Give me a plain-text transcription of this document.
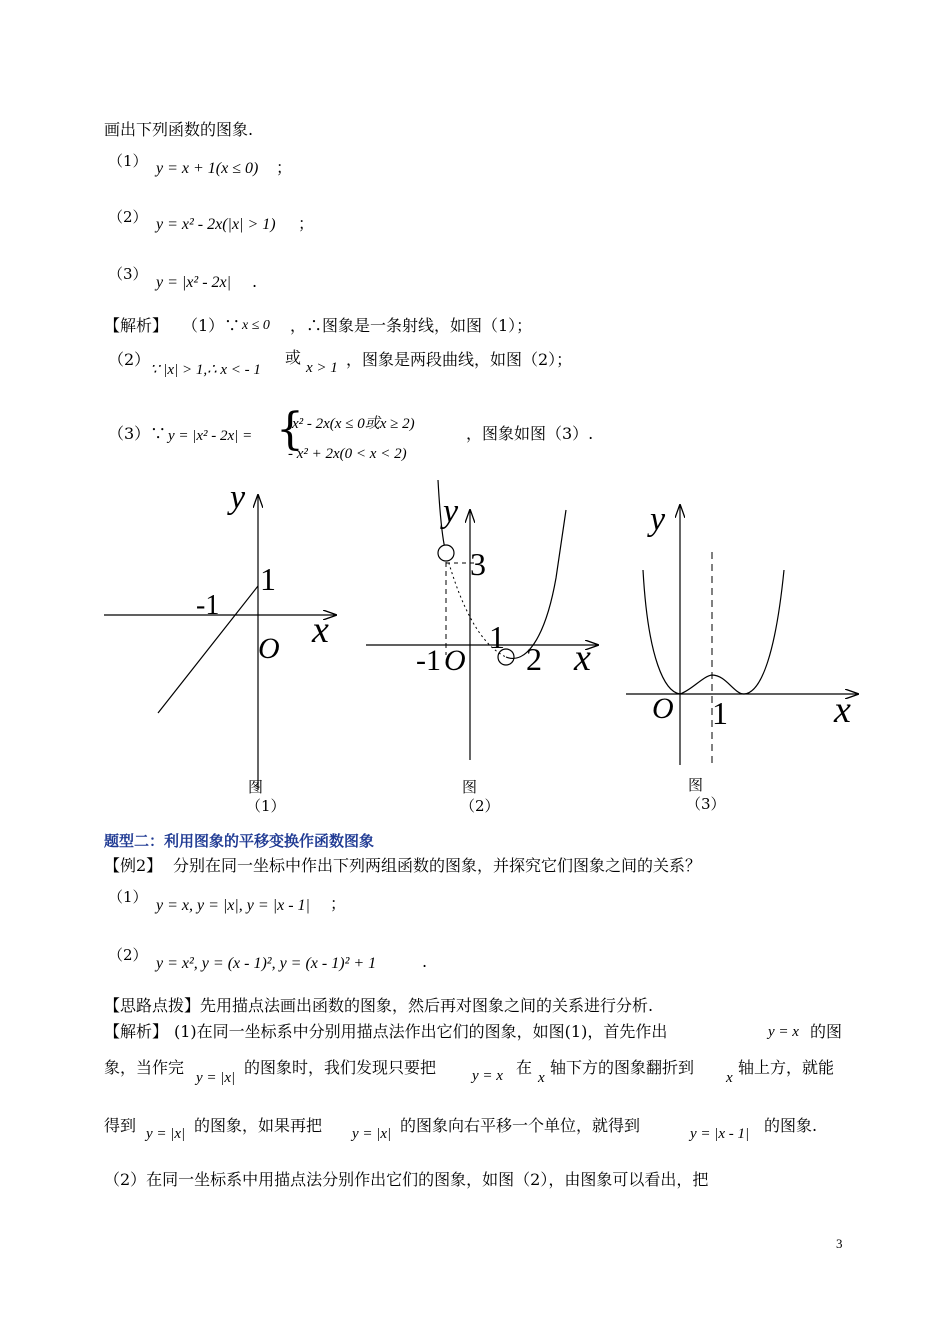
画出下列函数的图象.
（1） y = x + 1(x ≤ 0) ；
（2） y = x² - 2x(|x| > 1) ；
（3） y = |x² - 2x| .
【解析】 （1）∵ x ≤ 0 ，∴图象是一条射线，如图（1）；
（2）
∵ |x| > 1,∴ x < - 1
或
x > 1 ，图象是两段曲线，如图（2）；
（3）∵ y = |x² - 2x| = {
x² - 2x(x ≤ 0或x ≥ 2)
- x² + 2x(0 < x < 2)
，图象如图（3）.
y
x
O
1
-1
y
x
3
1
-1 O 2
y
x
O 1
图
（1）
图
（2）
图
（3）
题型二：利用图象的平移变换作函数图象
【例2】 分别在同一坐标中作出下列两组函数的图象，并探究它们图象之间的关系？
（1） y = x, y = |x|, y = |x - 1| ；
（2） y = x², y = (x - 1)², y = (x - 1)² + 1	.
【思路点拨】先用描点法画出函数的图象，然后再对图象之间的关系进行分析.
【解析】 (1)在同一坐标系中分别用描点法作出它们的图象，如图(1)，首先作出	y = x 的图
象，当作完
y = |x|
的图象时，我们发现只要把 y = x 在
x
轴下方的图象翻折到
x
轴上方，就能
得到 y = |x| 的图象，如果再把 y = |x| 的图象向右平移一个单位，就得到	y = |x - 1| 的图象.
（2）在同一坐标系中用描点法分别作出它们的图象，如图（2），由图象可以看出，把
3
